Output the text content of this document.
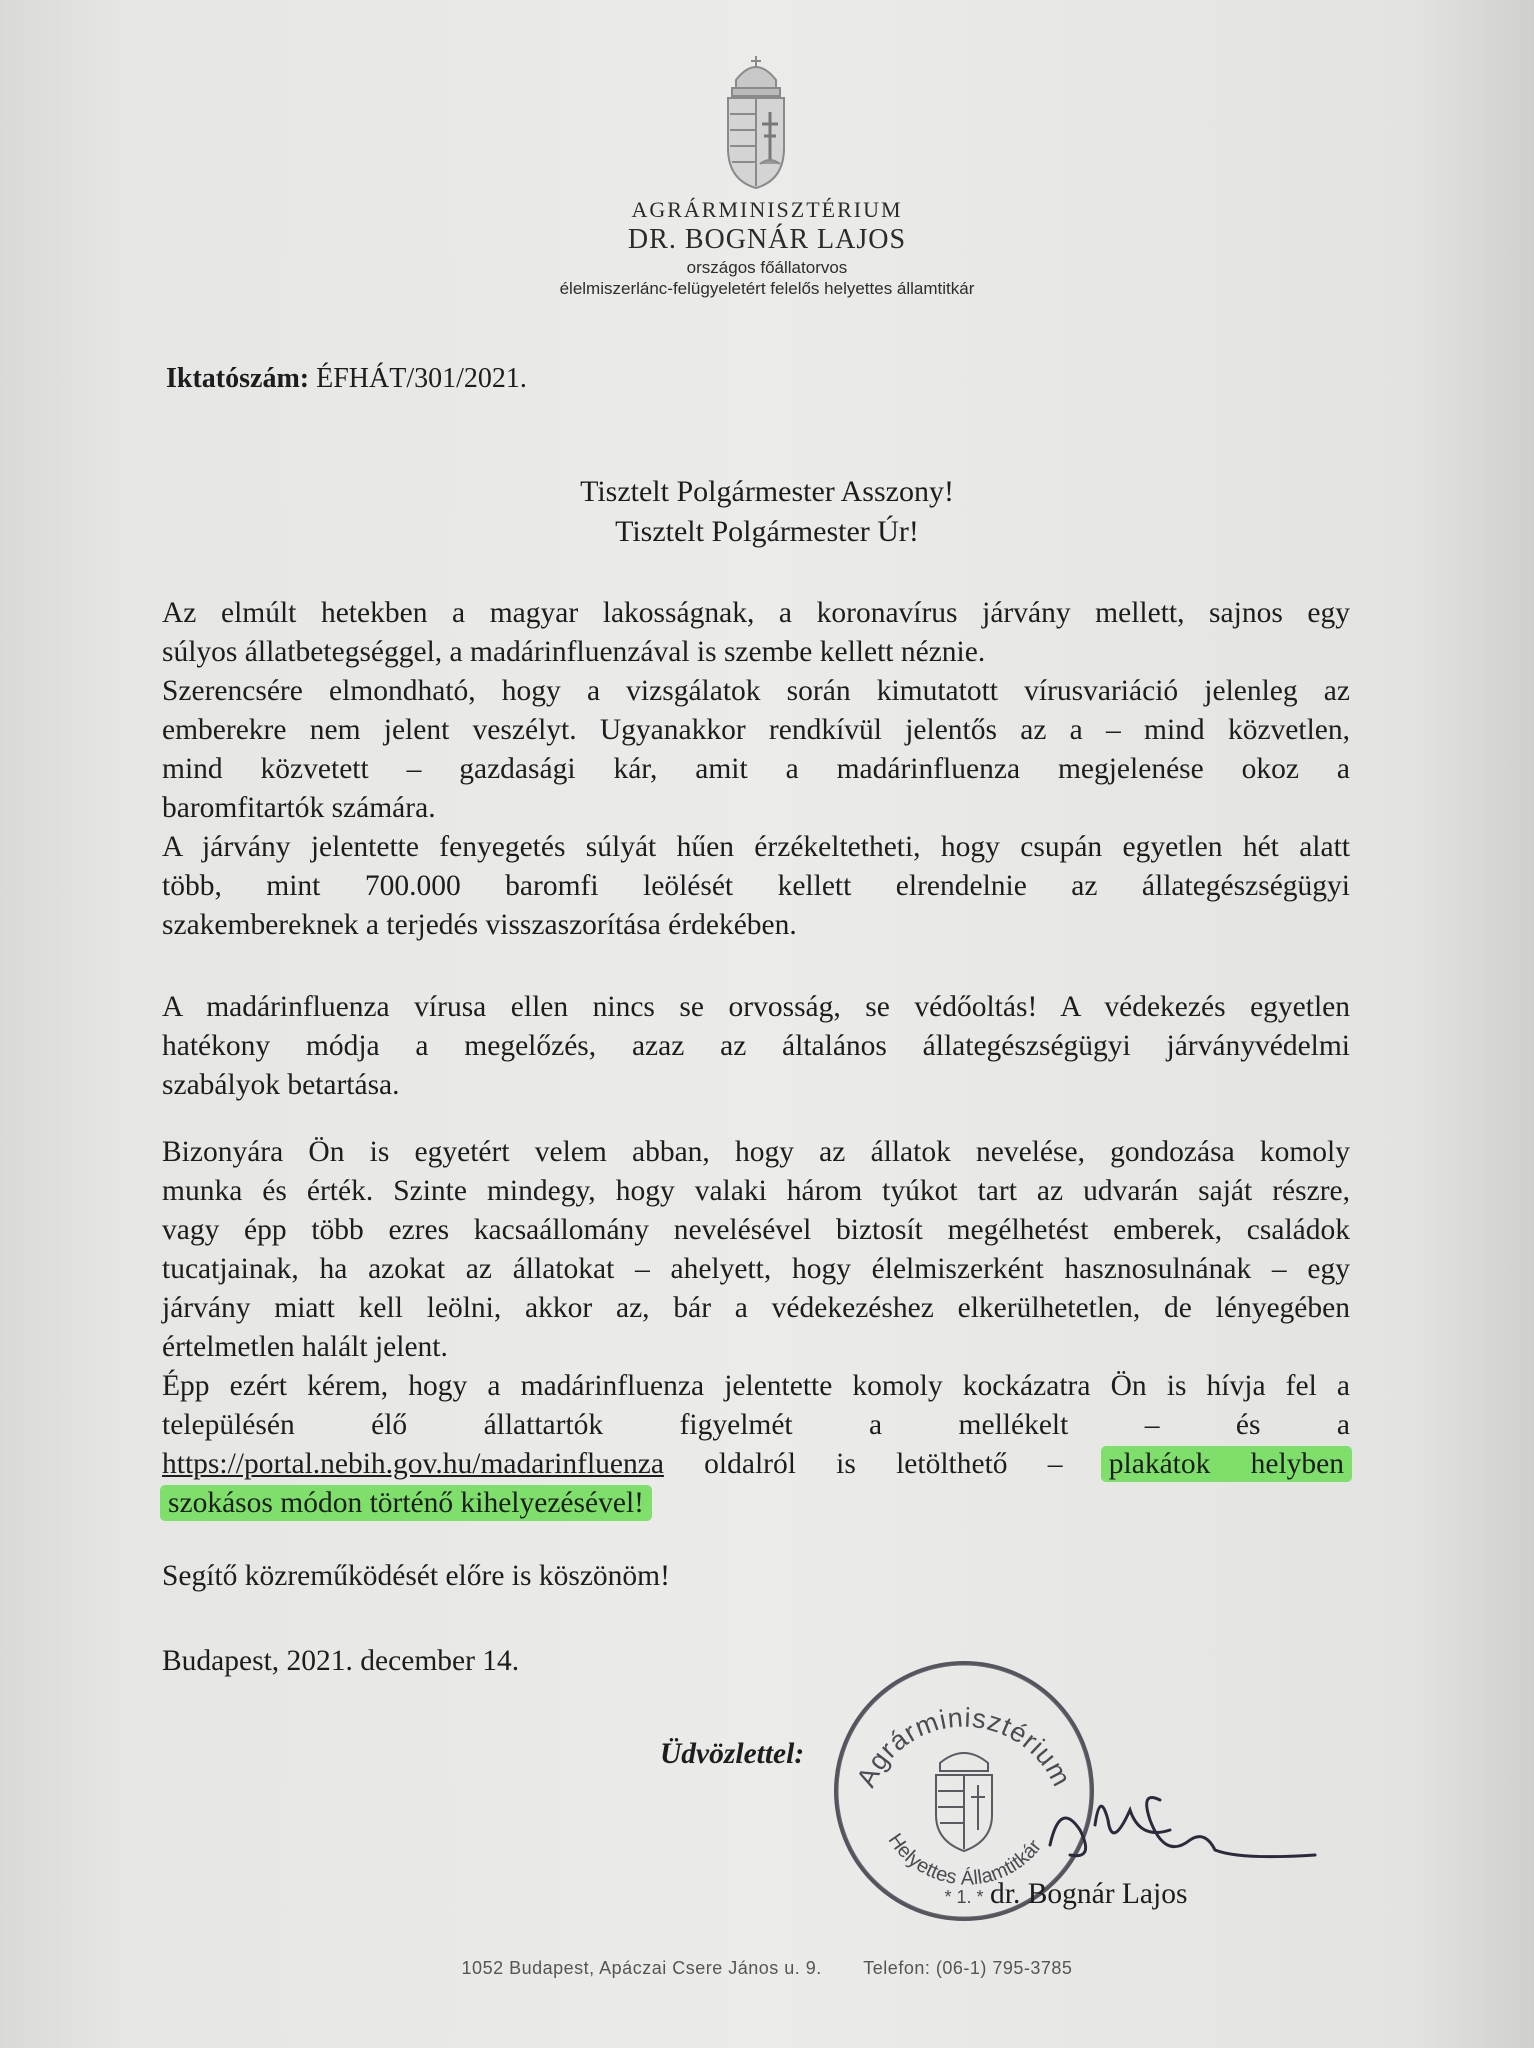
AGRÁRMINISZTÉRIUM
DR. BOGNÁR LAJOS
országos főállatorvos
élelmiszerlánc-felügyeletért felelős helyettes államtitkár
Iktatószám: ÉFHÁT/301/2021.
Tisztelt Polgármester Asszony!
Tisztelt Polgármester Úr!
Az elmúlt hetekben a magyar lakosságnak, a koronavírus járvány mellett, sajnos egy
súlyos állatbetegséggel, a madárinfluenzával is szembe kellett néznie.
Szerencsére elmondható, hogy a vizsgálatok során kimutatott vírusvariáció jelenleg az
emberekre nem jelent veszélyt. Ugyanakkor rendkívül jelentős az a – mind közvetlen,
mind közvetett – gazdasági kár, amit a madárinfluenza megjelenése okoz a
baromfitartók számára.
A járvány jelentette fenyegetés súlyát hűen érzékeltetheti, hogy csupán egyetlen hét alatt
több, mint 700.000 baromfi leölését kellett elrendelnie az állategészségügyi
szakembereknek a terjedés visszaszorítása érdekében.
A madárinfluenza vírusa ellen nincs se orvosság, se védőoltás! A védekezés egyetlen
hatékony módja a megelőzés, azaz az általános állategészségügyi járványvédelmi
szabályok betartása.
Bizonyára Ön is egyetért velem abban, hogy az állatok nevelése, gondozása komoly
munka és érték. Szinte mindegy, hogy valaki három tyúkot tart az udvarán saját részre,
vagy épp több ezres kacsaállomány nevelésével biztosít megélhetést emberek, családok
tucatjainak, ha azokat az állatokat – ahelyett, hogy élelmiszerként hasznosulnának – egy
járvány miatt kell leölni, akkor az, bár a védekezéshez elkerülhetetlen, de lényegében
értelmetlen halált jelent.
Épp ezért kérem, hogy a madárinfluenza jelentette komoly kockázatra Ön is hívja fel a
településén élő állattartók figyelmét a mellékelt – és a
https://portal.nebih.gov.hu/madarinfluenza oldalról is letölthető – plakátok helyben
szokásos módon történő kihelyezésével!
Segítő közreműködését előre is köszönöm!
Budapest, 2021. december 14.
Üdvözlettel:
Agrárminisztérium
Helyettes Államtitkár
* 1. * dr. Bognár Lajos
1052 Budapest, Apáczai Csere János u. 9. Telefon: (06-1) 795-3785
